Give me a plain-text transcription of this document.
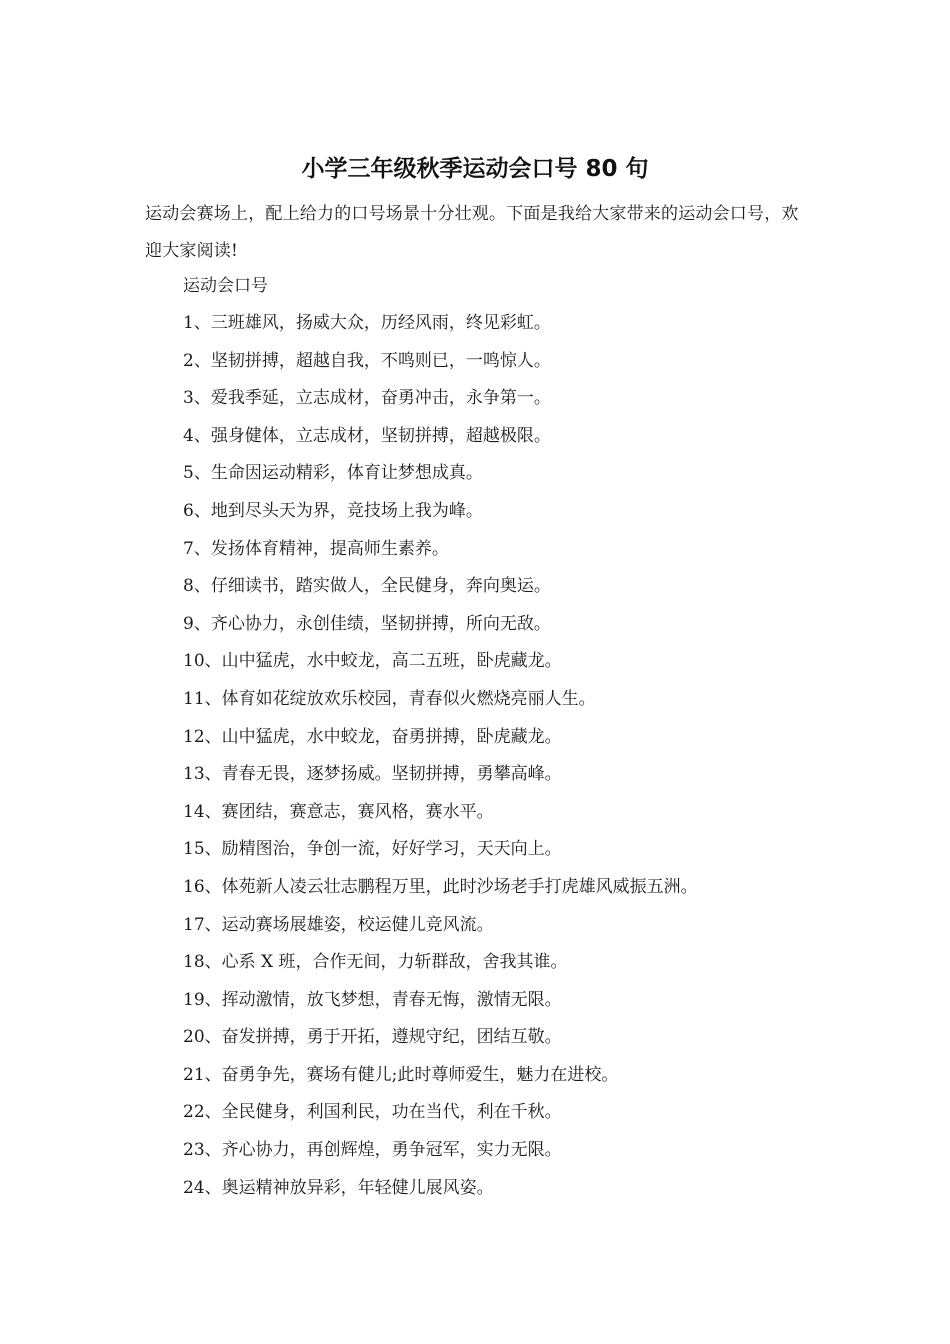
小学三年级秋季运动会口号 80 句

运动会赛场上，配上给力的口号场景十分壮观。下面是我给大家带来的运动会口号，欢迎大家阅读!

运动会口号

1、三班雄风，扬威大众，历经风雨，终见彩虹。
2、坚韧拼搏，超越自我，不鸣则已，一鸣惊人。
3、爱我季延，立志成材，奋勇冲击，永争第一。
4、强身健体，立志成材，坚韧拼搏，超越极限。
5、生命因运动精彩，体育让梦想成真。
6、地到尽头天为界，竞技场上我为峰。
7、发扬体育精神，提高师生素养。
8、仔细读书，踏实做人，全民健身，奔向奥运。
9、齐心协力，永创佳绩，坚韧拼搏，所向无敌。
10、山中猛虎，水中蛟龙，高二五班，卧虎藏龙。
11、体育如花绽放欢乐校园，青春似火燃烧亮丽人生。
12、山中猛虎，水中蛟龙，奋勇拼搏，卧虎藏龙。
13、青春无畏，逐梦扬威。坚韧拼搏，勇攀高峰。
14、赛团结，赛意志，赛风格，赛水平。
15、励精图治，争创一流，好好学习，天天向上。
16、体苑新人凌云壮志鹏程万里，此时沙场老手打虎雄风威振五洲。
17、运动赛场展雄姿，校运健儿竞风流。
18、心系 X 班，合作无间，力斩群敌，舍我其谁。
19、挥动激情，放飞梦想，青春无悔，激情无限。
20、奋发拼搏，勇于开拓，遵规守纪，团结互敬。
21、奋勇争先，赛场有健儿;此时尊师爱生，魅力在进校。
22、全民健身，利国利民，功在当代，利在千秋。
23、齐心协力，再创辉煌，勇争冠军，实力无限。
24、奥运精神放异彩，年轻健儿展风姿。
